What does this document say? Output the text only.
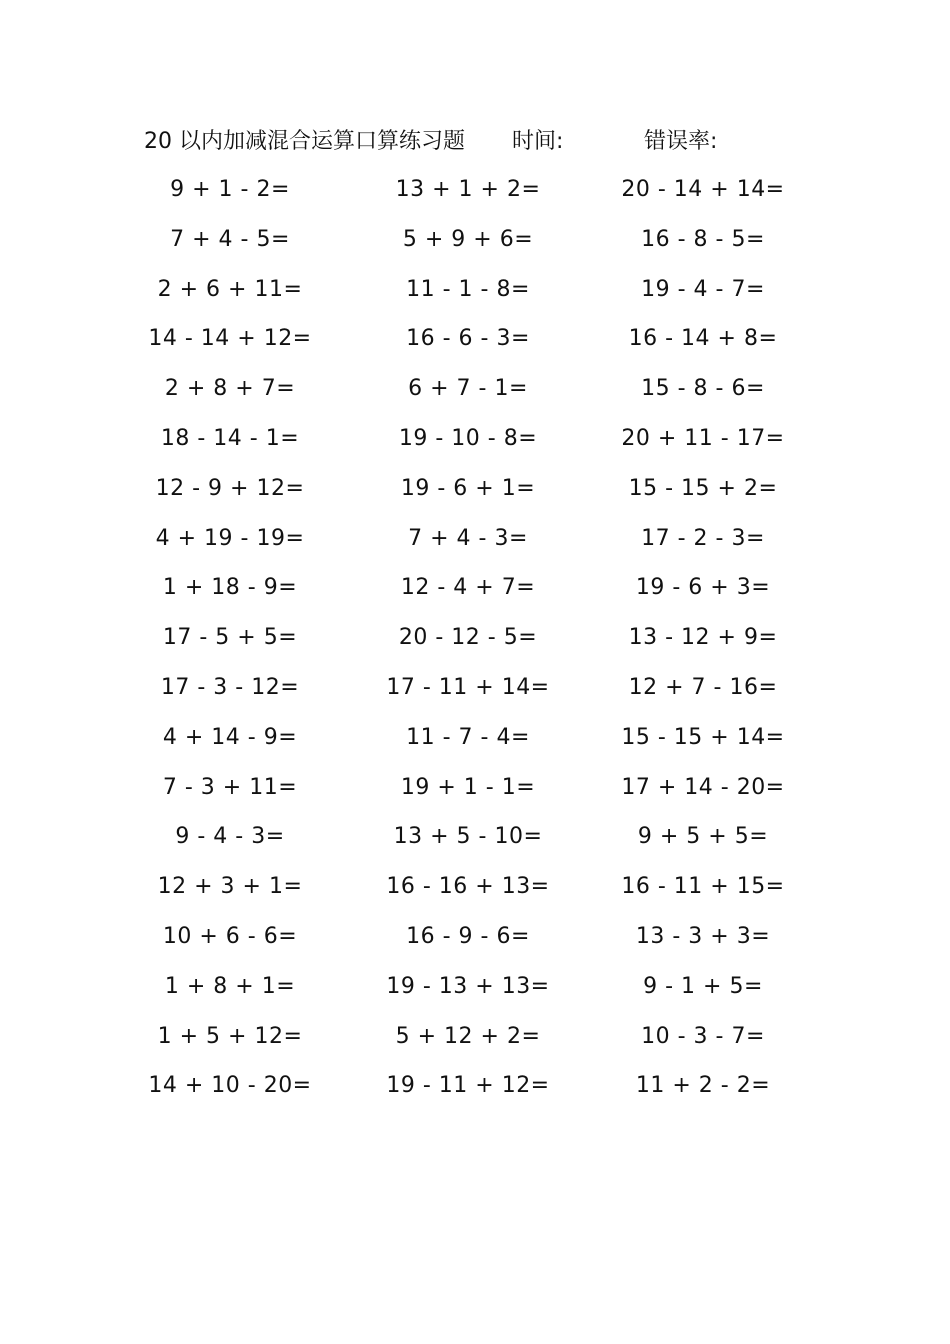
20 以内加减混合运算口算练习题 时间:	错误率:
9 + 1 - 2=	13 + 1 + 2=	20 - 14 + 14=
7 + 4 - 5=	5 + 9 + 6=	16 - 8 - 5=
2 + 6 + 11=	11 - 1 - 8=	19 - 4 - 7=
14 - 14 + 12=	16 - 6 - 3=	16 - 14 + 8=
2 + 8 + 7=	6 + 7 - 1=	15 - 8 - 6=
18 - 14 - 1=	19 - 10 - 8=	20 + 11 - 17=
12 - 9 + 12=	19 - 6 + 1=	15 - 15 + 2=
4 + 19 - 19=	7 + 4 - 3=	17 - 2 - 3=
1 + 18 - 9=	12 - 4 + 7=	19 - 6 + 3=
17 - 5 + 5=	20 - 12 - 5=	13 - 12 + 9=
17 - 3 - 12=	17 - 11 + 14=	12 + 7 - 16=
4 + 14 - 9=	11 - 7 - 4=	15 - 15 + 14=
7 - 3 + 11=	19 + 1 - 1=	17 + 14 - 20=
9 - 4 - 3=	13 + 5 - 10=	9 + 5 + 5=
12 + 3 + 1=	16 - 16 + 13=	16 - 11 + 15=
10 + 6 - 6=	16 - 9 - 6=	13 - 3 + 3=
1 + 8 + 1=	19 - 13 + 13=	9 - 1 + 5=
1 + 5 + 12=	5 + 12 + 2=	10 - 3 - 7=
14 + 10 - 20=	19 - 11 + 12=	11 + 2 - 2=
